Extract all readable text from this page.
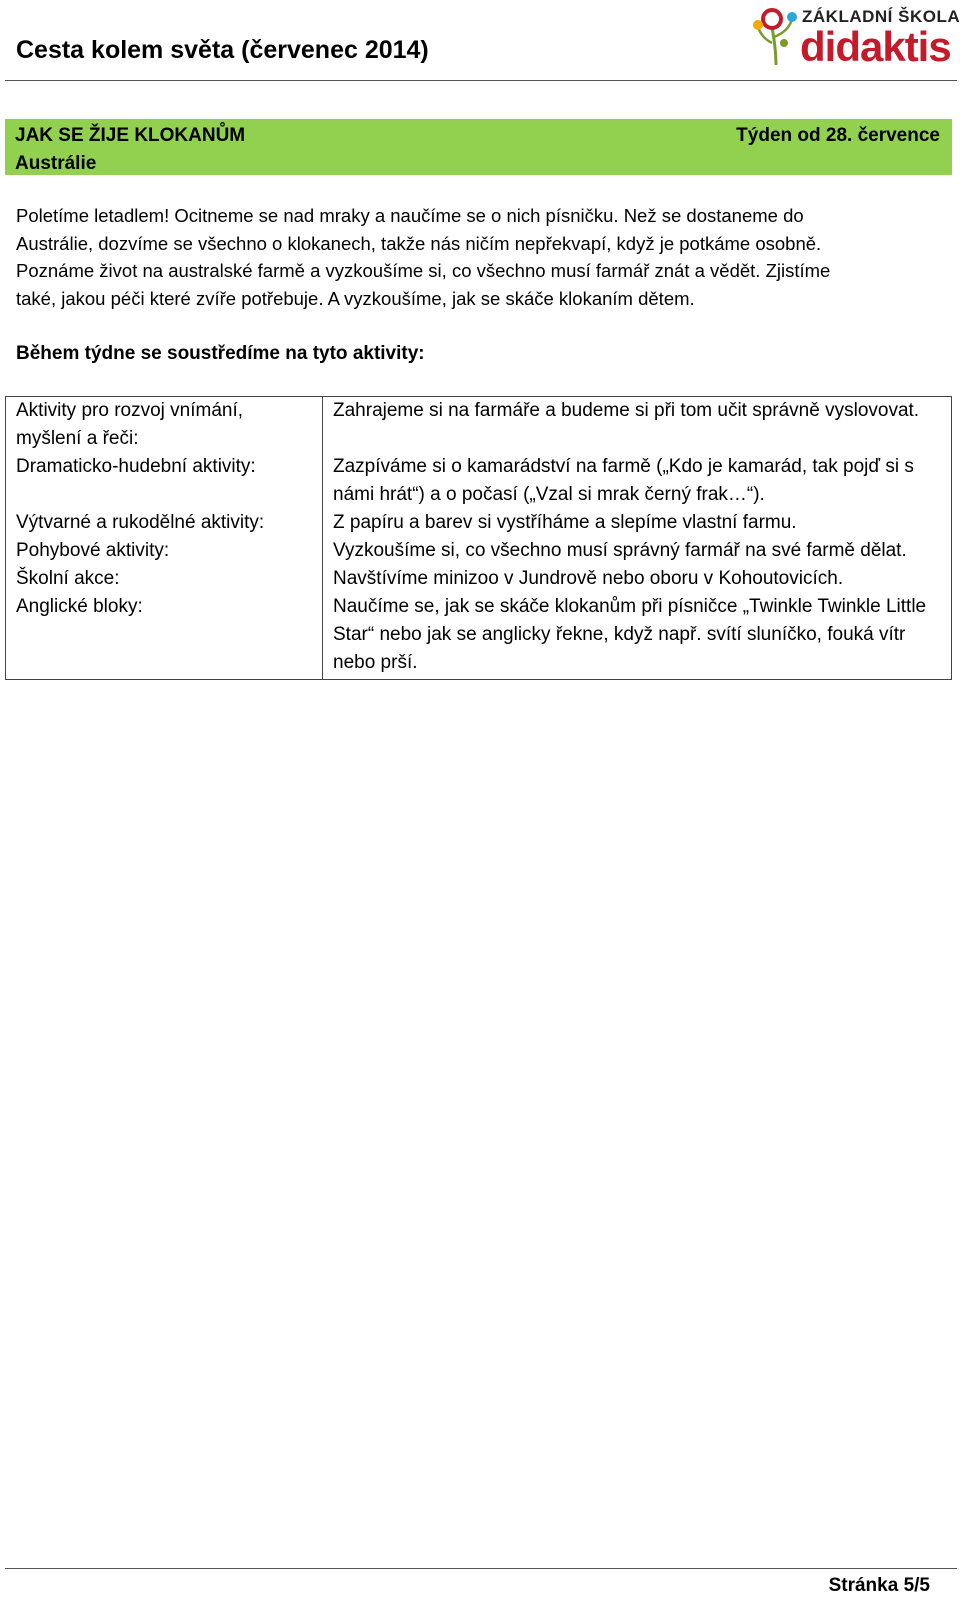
Cesta kolem světa (červenec 2014)
ZÁKLADNÍ ŠKOLA
didaktis
JAK SE ŽIJE KLOKANŮM
Austrálie
Týden od 28. července
Poletíme letadlem! Ocitneme se nad mraky a naučíme se o nich písničku. Než se dostaneme do
Austrálie, dozvíme se všechno o klokanech, takže nás ničím nepřekvapí, když je potkáme osobně.
Poznáme život na australské farmě a vyzkoušíme si, co všechno musí farmář znát a vědět. Zjistíme
také, jakou péči které zvíře potřebuje. A vyzkoušíme, jak se skáče klokaním dětem.
Během týdne se soustředíme na tyto aktivity:
Aktivity pro rozvoj vnímání, myšlení a řeči:	Zahrajeme si na farmáře a budeme si při tom učit správně vyslovovat.
Dramaticko-hudební aktivity:	Zazpíváme si o kamarádství na farmě („Kdo je kamarád, tak pojď si s námi hrát“) a o počasí („Vzal si mrak černý frak…“).
Výtvarné a rukodělné aktivity:	Z papíru a barev si vystříháme a slepíme vlastní farmu.
Pohybové aktivity:	Vyzkoušíme si, co všechno musí správný farmář na své farmě dělat.
Školní akce:	Navštívíme minizoo v Jundrově nebo oboru v Kohoutovicích.
Anglické bloky:	Naučíme se, jak se skáče klokanům při písničce „Twinkle Twinkle Little Star“ nebo jak se anglicky řekne, když např. svítí sluníčko, fouká vítr nebo prší.
Stránka 5/5
